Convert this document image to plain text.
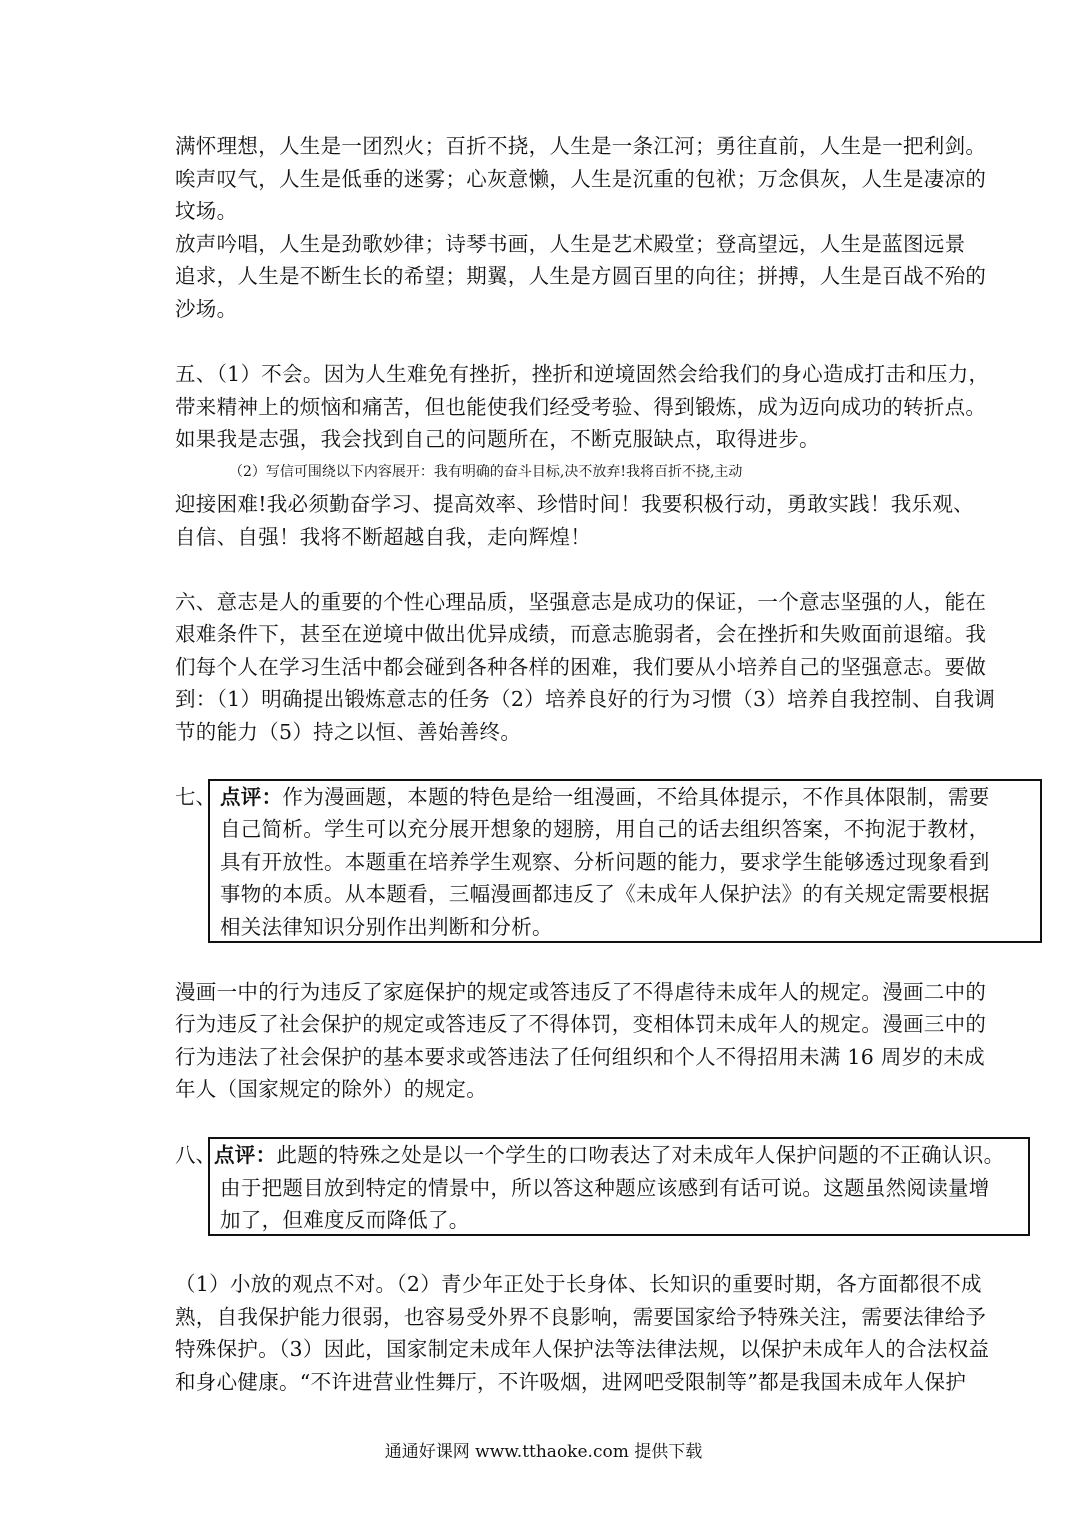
满怀理想，人生是一团烈火；百折不挠，人生是一条江河；勇往直前，人生是一把利剑。
唉声叹气，人生是低垂的迷雾；心灰意懒，人生是沉重的包袱；万念俱灰，人生是凄凉的
坟场。
放声吟唱，人生是劲歌妙律；诗琴书画，人生是艺术殿堂；登高望远，人生是蓝图远景
追求，人生是不断生长的希望；期翼，人生是方圆百里的向往；拼搏，人生是百战不殆的
沙场。
五、（1）不会。因为人生难免有挫折，挫折和逆境固然会给我们的身心造成打击和压力，
带来精神上的烦恼和痛苦，但也能使我们经受考验、得到锻炼，成为迈向成功的转折点。
如果我是志强，我会找到自己的问题所在，不断克服缺点，取得进步。
（2）写信可围绕以下内容展开：我有明确的奋斗目标,决不放弃!我将百折不挠,主动
迎接困难!我必须勤奋学习、提高效率、珍惜时间！我要积极行动，勇敢实践！我乐观、
自信、自强！我将不断超越自我，走向辉煌！
六、意志是人的重要的个性心理品质，坚强意志是成功的保证，一个意志坚强的人，能在
艰难条件下，甚至在逆境中做出优异成绩，而意志脆弱者，会在挫折和失败面前退缩。我
们每个人在学习生活中都会碰到各种各样的困难，我们要从小培养自己的坚强意志。要做
到：（1）明确提出锻炼意志的任务（2）培养良好的行为习惯（3）培养自我控制、自我调
节的能力（5）持之以恒、善始善终。
七、 点评：作为漫画题，本题的特色是给一组漫画，不给具体提示，不作具体限制，需要
自己简析。学生可以充分展开想象的翅膀，用自己的话去组织答案，不拘泥于教材，
具有开放性。本题重在培养学生观察、分析问题的能力，要求学生能够透过现象看到
事物的本质。从本题看，三幅漫画都违反了《未成年人保护法》的有关规定需要根据
相关法律知识分别作出判断和分析。
漫画一中的行为违反了家庭保护的规定或答违反了不得虐待未成年人的规定。漫画二中的
行为违反了社会保护的规定或答违反了不得体罚，变相体罚未成年人的规定。漫画三中的
行为违法了社会保护的基本要求或答违法了任何组织和个人不得招用未满 16 周岁的未成
年人（国家规定的除外）的规定。
八、
点评：此题的特殊之处是以一个学生的口吻表达了对未成年人保护问题的不正确认识。
由于把题目放到特定的情景中，所以答这种题应该感到有话可说。这题虽然阅读量增
加了，但难度反而降低了。
（1）小放的观点不对。（2）青少年正处于长身体、长知识的重要时期，各方面都很不成
熟，自我保护能力很弱，也容易受外界不良影响，需要国家给予特殊关注，需要法律给予
特殊保护。（3）因此，国家制定未成年人保护法等法律法规，以保护未成年人的合法权益
和身心健康。“不许进营业性舞厅，不许吸烟，进网吧受限制等”都是我国未成年人保护
通通好课网 www.tthaoke.com 提供下载
